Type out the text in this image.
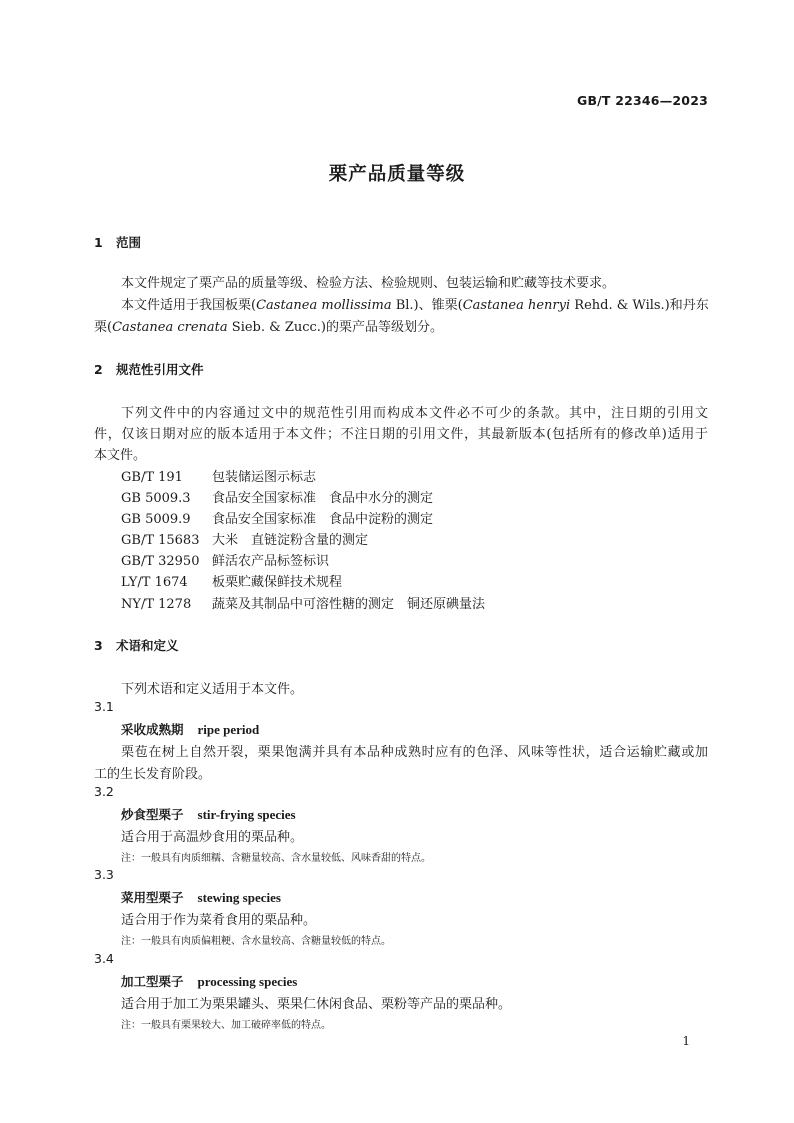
GB/T 22346—2023
栗产品质量等级
1 范围
本文件规定了栗产品的质量等级、检验方法、检验规则、包装运输和贮藏等技术要求。
本文件适用于我国板栗(Castanea mollissima Bl.)、锥栗(Castanea henryi Rehd. & Wils.)和丹东
栗(Castanea crenata Sieb. & Zucc.)的栗产品等级划分。
2 规范性引用文件
下列文件中的内容通过文中的规范性引用而构成本文件必不可少的条款。其中，注日期的引用文
件，仅该日期对应的版本适用于本文件；不注日期的引用文件，其最新版本(包括所有的修改单)适用于
本文件。
GB/T 191 包装储运图示标志
GB 5009.3 食品安全国家标准　食品中水分的测定
GB 5009.9 食品安全国家标准　食品中淀粉的测定
GB/T 15683 大米　直链淀粉含量的测定
GB/T 32950 鲜活农产品标签标识
LY/T 1674 板栗贮藏保鲜技术规程
NY/T 1278 蔬菜及其制品中可溶性糖的测定　铜还原碘量法
3 术语和定义
下列术语和定义适用于本文件。
3.1
采收成熟期 ripe period
栗苞在树上自然开裂，栗果饱满并具有本品种成熟时应有的色泽、风味等性状，适合运输贮藏或加
工的生长发育阶段。
3.2
炒食型栗子 stir-frying species
适合用于高温炒食用的栗品种。
注：一般具有肉质细糯、含糖量较高、含水量较低、风味香甜的特点。
3.3
菜用型栗子 stewing species
适合用于作为菜肴食用的栗品种。
注：一般具有肉质偏粗粳、含水量较高、含糖量较低的特点。
3.4
加工型栗子 processing species
适合用于加工为栗果罐头、栗果仁休闲食品、栗粉等产品的栗品种。
注：一般具有栗果较大、加工破碎率低的特点。
1
